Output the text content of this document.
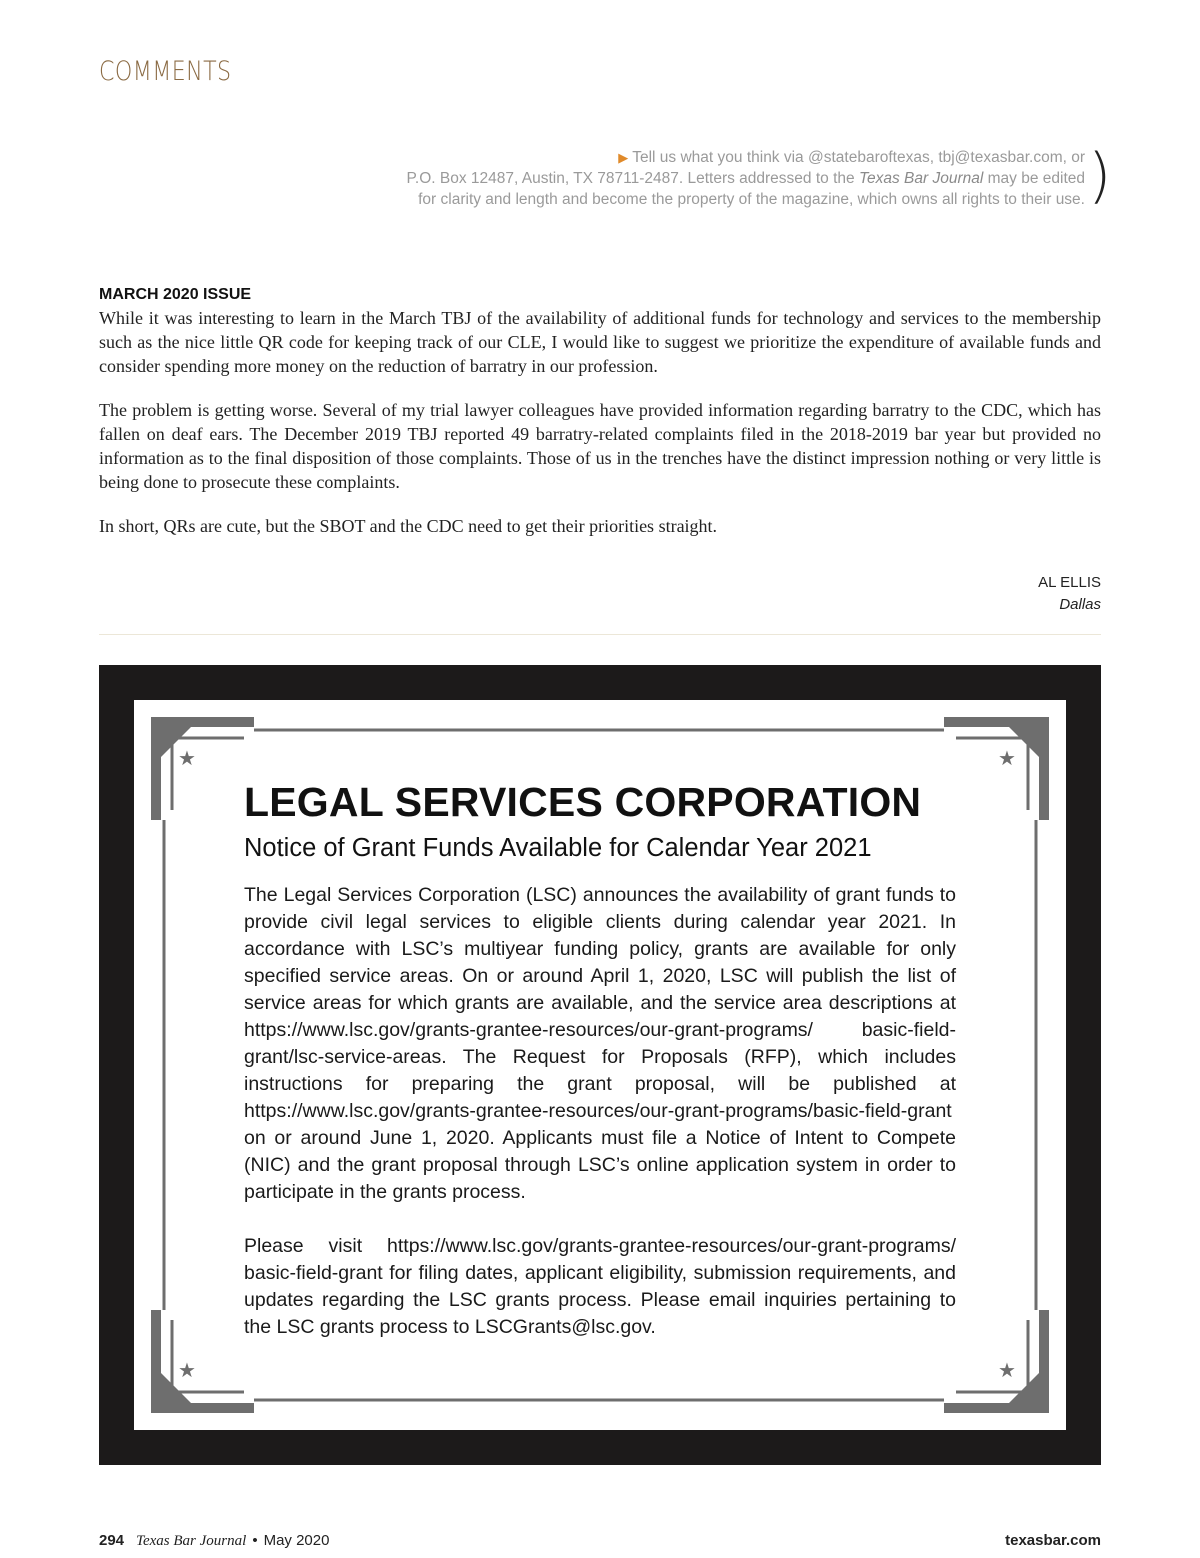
COMMENTS
▶ Tell us what you think via @statebaroftexas, tbj@texasbar.com, or
P.O. Box 12487, Austin, TX 78711-2487. Letters addressed to the Texas Bar Journal may be edited
for clarity and length and become the property of the magazine, which owns all rights to their use. )
MARCH 2020 ISSUE

While it was interesting to learn in the March TBJ of the availability of additional funds for technology and services to the membership such as the nice little QR code for keeping track of our CLE, I would like to suggest we prioritize the expenditure of available funds and consider spending more money on the reduction of barratry in our profession.

The problem is getting worse. Several of my trial lawyer colleagues have provided information regarding barratry to the CDC, which has fallen on deaf ears. The December 2019 TBJ reported 49 barratry-related complaints filed in the 2018-2019 bar year but provided no information as to the final disposition of those complaints. Those of us in the trenches have the distinct impression nothing or very little is being done to prosecute these complaints.

In short, QRs are cute, but the SBOT and the CDC need to get their priorities straight.

AL ELLIS
Dallas
★	★
★	★
LEGAL SERVICES CORPORATION
Notice of Grant Funds Available for Calendar Year 2021

The Legal Services Corporation (LSC) announces the availability of grant funds to provide civil legal services to eligible clients during calendar year 2021. In accordance with LSC’s multiyear funding policy, grants are available for only specified service areas. On or around April 1, 2020, LSC will publish the list of service areas for which grants are available, and the service area descriptions at https://www.lsc.gov/grants-grantee-resources/our-grant-programs/ basic-field-grant/lsc-service-areas. The Request for Proposals (RFP), which includes instructions for preparing the grant proposal, will be published at https://www.lsc.gov/grants-grantee-resources/our-grant-programs/basic-field-grant on or around June 1, 2020. Applicants must file a Notice of Intent to Compete (NIC) and the grant proposal through LSC’s online application system in order to participate in the grants process.

Please visit https://www.lsc.gov/grants-grantee-resources/our-grant-programs/ basic-field-grant for filing dates, applicant eligibility, submission requirements, and updates regarding the LSC grants process. Please email inquiries pertaining to the LSC grants process to LSCGrants@lsc.gov.

294 Texas Bar Journal • May 2020	texasbar.com
